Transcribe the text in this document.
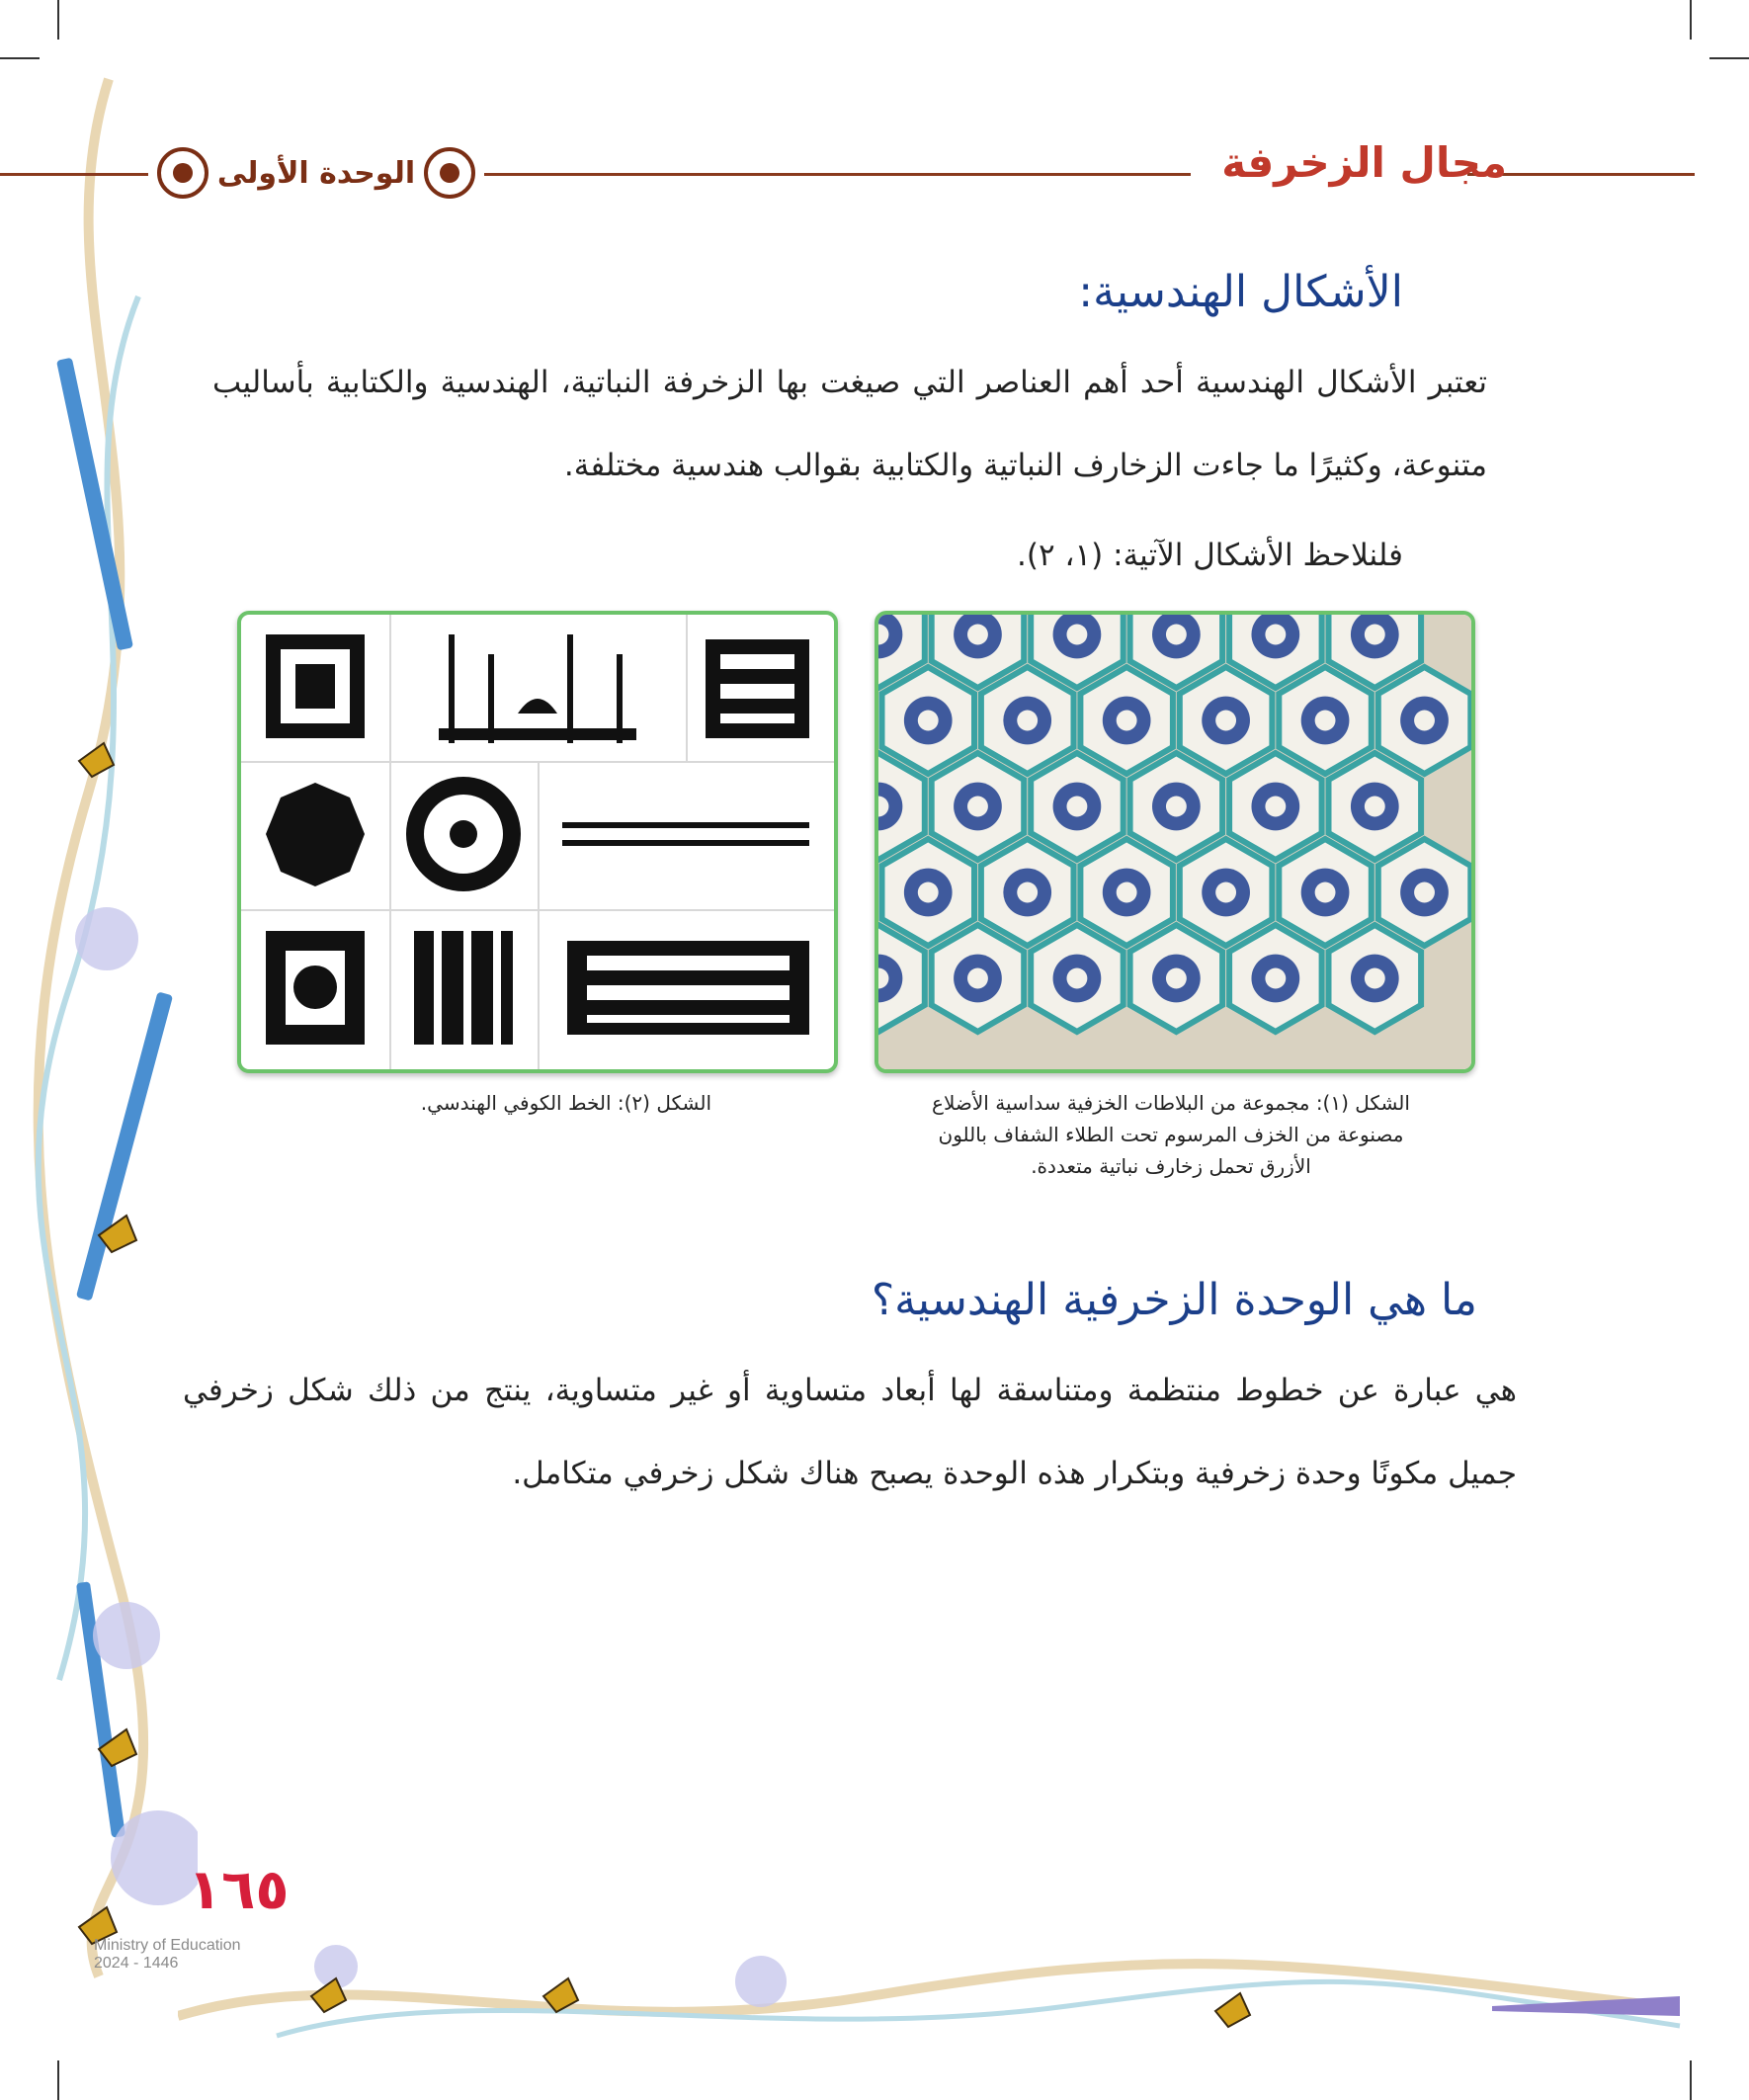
الوحدة الأولى	مجال الزخرفة
الأشكال الهندسية:
تعتبر الأشكال الهندسية أحد أهم العناصر التي صيغت بها الزخرفة النباتية، الهندسية والكتابية بأساليب متنوعة، وكثيرًا ما جاءت الزخارف النباتية والكتابية بقوالب هندسية مختلفة.
فلنلاحظ الأشكال الآتية: (١، ٢).
الشكل (١): مجموعة من البلاطات الخزفية سداسية الأضلاع
مصنوعة من الخزف المرسوم تحت الطلاء الشفاف باللون
الأزرق تحمل زخارف نباتية متعددة.
الشكل (٢): الخط الكوفي الهندسي.
ما هي الوحدة الزخرفية الهندسية؟
هي عبارة عن خطوط منتظمة ومتناسقة لها أبعاد متساوية أو غير متساوية، ينتج من ذلك شكل زخرفي جميل مكونًا وحدة زخرفية وبتكرار هذه الوحدة يصبح هناك شكل زخرفي متكامل.
١٦٥
Ministry of Education
2024 - 1446
